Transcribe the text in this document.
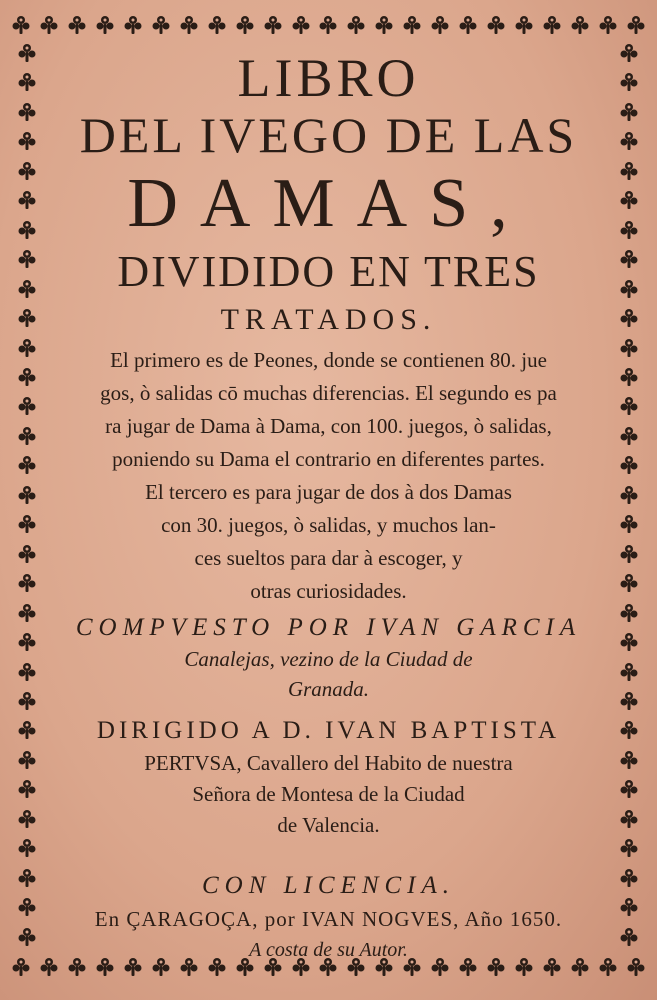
LIBRO
DEL IVEGO DE LAS
DAMAS,
DIVIDIDO EN TRES
TRATADOS.
El primero es de Peones, donde se contienen 80. jue
gos, ò salidas cō muchas diferencias. El segundo es pa
ra jugar de Dama à Dama, con 100. juegos, ò salidas,
poniendo su Dama el contrario en diferentes partes.
El tercero es para jugar de dos à dos Damas
con 30. juegos, ò salidas, y muchos lan-
ces sueltos para dar à escoger, y
otras curiosidades.
COMPVESTO POR IVAN GARCIA
Canalejas, vezino de la Ciudad de
Granada.
DIRIGIDO A D. IVAN BAPTISTA
PERTVSA, Cavallero del Habito de nuestra
Señora de Montesa de la Ciudad
de Valencia.
CON LICENCIA.
En ÇARAGOÇA, por IVAN NOGVES, Año 1650.
A costa de su Autor.
